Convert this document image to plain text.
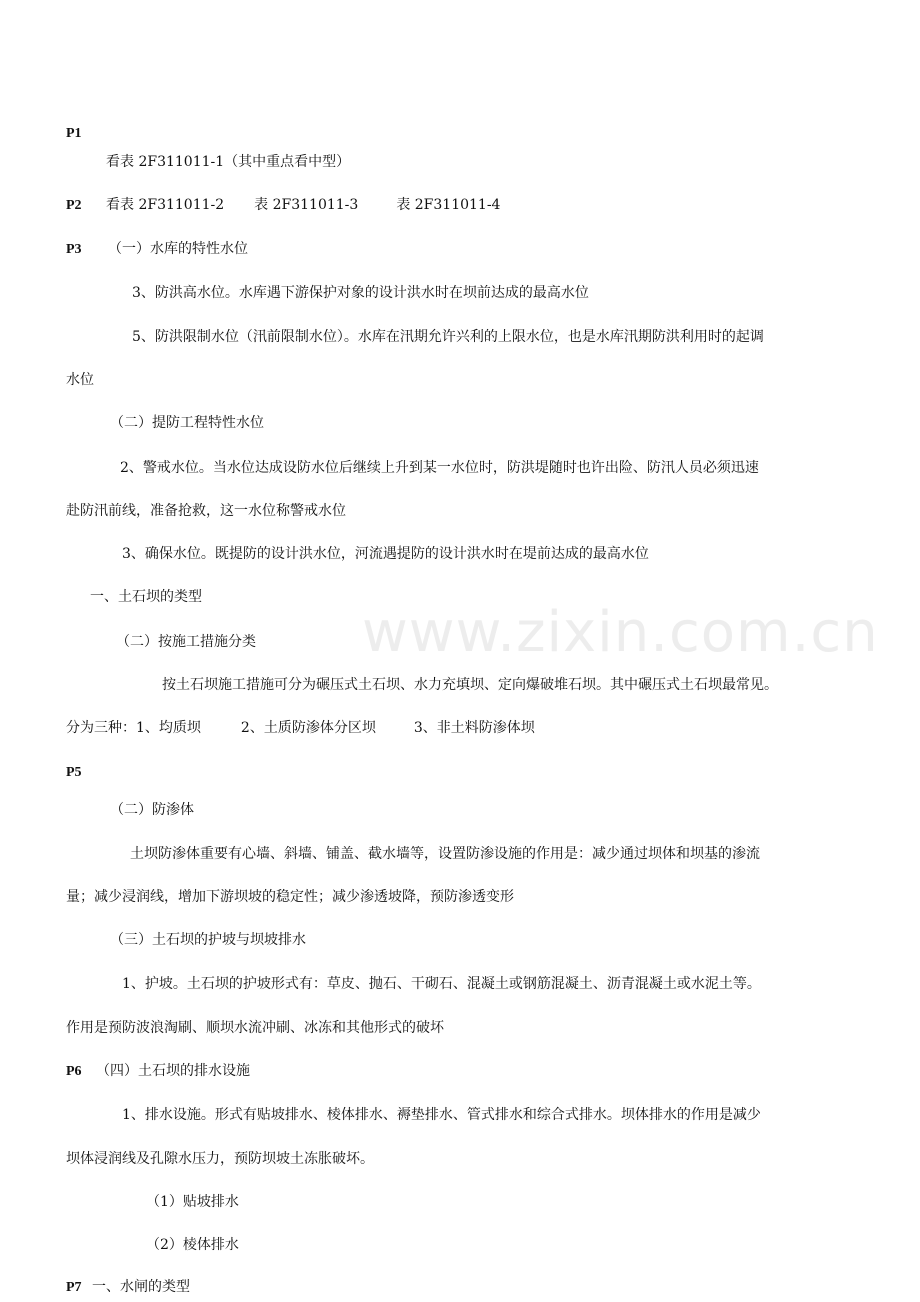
www.zixin.com.cn
P1
看表 2F311011-1（其中重点看中型）
P2 看表 2F311011-2 表 2F311011-3	表 2F311011-4
P3 （一）水库的特性水位
3、防洪高水位。水库遇下游保护对象的设计洪水时在坝前达成的最高水位
5、防洪限制水位（汛前限制水位）。水库在汛期允许兴利的上限水位，也是水库汛期防洪利用时的起调
水位
（二）提防工程特性水位
2、警戒水位。当水位达成设防水位后继续上升到某一水位时，防洪堤随时也许出险、防汛人员必须迅速
赴防汛前线，准备抢救，这一水位称警戒水位
3、确保水位。既提防的设计洪水位，河流遇提防的设计洪水时在堤前达成的最高水位
一、土石坝的类型
（二）按施工措施分类
按土石坝施工措施可分为碾压式土石坝、水力充填坝、定向爆破堆石坝。其中碾压式土石坝最常见。
分为三种：1、均质坝	2、土质防渗体分区坝	3、非土料防渗体坝
P5
（二）防渗体
土坝防渗体重要有心墙、斜墙、铺盖、截水墙等，设置防渗设施的作用是：减少通过坝体和坝基的渗流
量；减少浸润线，增加下游坝坡的稳定性；减少渗透坡降，预防渗透变形
（三）土石坝的护坡与坝坡排水
1、护坡。土石坝的护坡形式有：草皮、抛石、干砌石、混凝土或钢筋混凝土、沥青混凝土或水泥土等。
作用是预防波浪淘刷、顺坝水流冲刷、冰冻和其他形式的破坏
P6 （四）土石坝的排水设施
1、排水设施。形式有贴坡排水、棱体排水、褥垫排水、管式排水和综合式排水。坝体排水的作用是减少
坝体浸润线及孔隙水压力，预防坝坡土冻胀破坏。
（1）贴坡排水
（2）棱体排水
P7 一、水闸的类型
